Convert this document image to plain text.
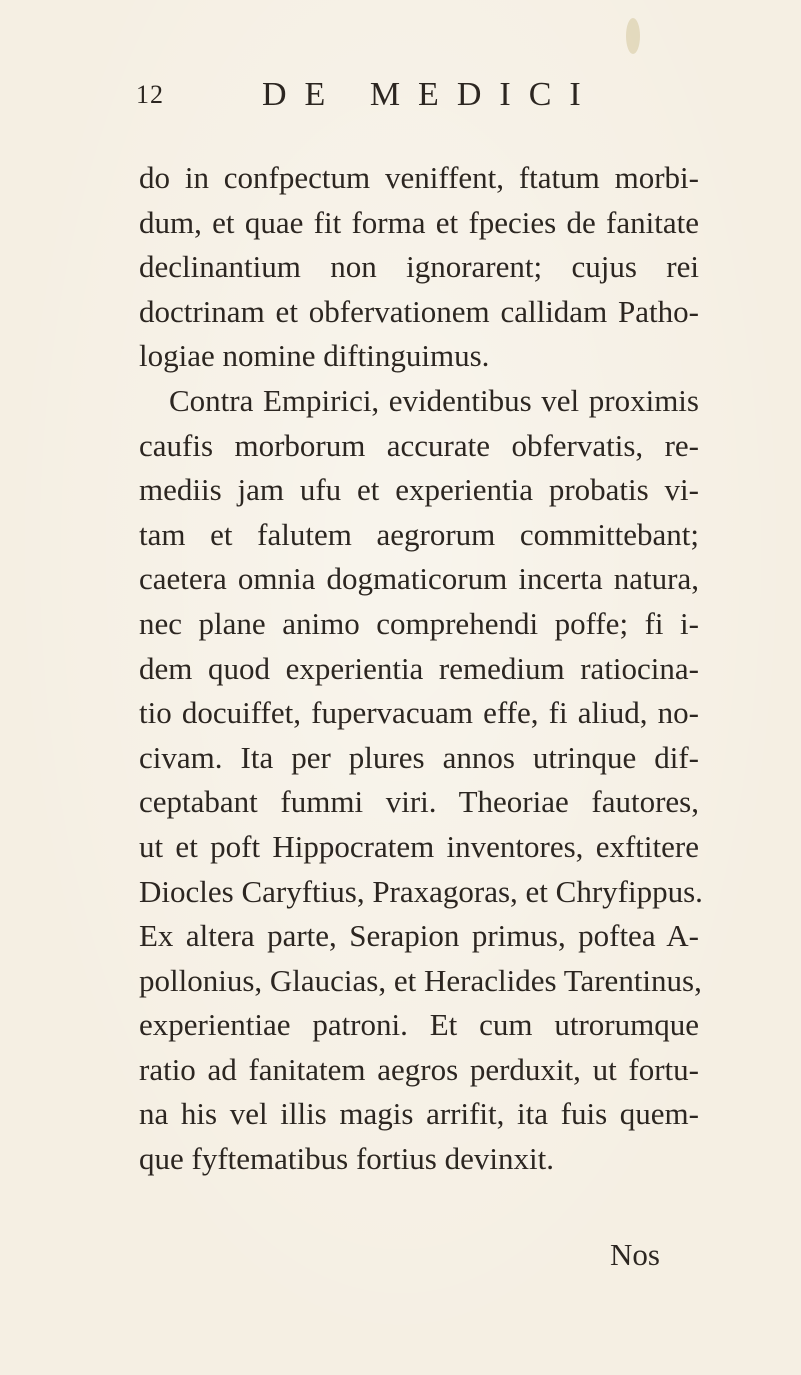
12	DE MEDICI
do in confpectum veniffent, ftatum morbi-
dum, et quae fit forma et fpecies de fanitate
declinantium non ignorarent; cujus rei
doctrinam et obfervationem callidam Patho-
logiae nomine diftinguimus.
Contra Empirici, evidentibus vel proximis
caufis morborum accurate obfervatis, re-
mediis jam ufu et experientia probatis vi-
tam et falutem aegrorum committebant;
caetera omnia dogmaticorum incerta natura,
nec plane animo comprehendi poffe; fi i-
dem quod experientia remedium ratiocina-
tio docuiffet, fupervacuam effe, fi aliud, no-
civam. Ita per plures annos utrinque dif-
ceptabant fummi viri. Theoriae fautores,
ut et poft Hippocratem inventores, exftitere
Diocles Caryftius, Praxagoras, et Chryfippus.
Ex altera parte, Serapion primus, poftea A-
pollonius, Glaucias, et Heraclides Tarentinus,
experientiae patroni. Et cum utrorumque
ratio ad fanitatem aegros perduxit, ut fortu-
na his vel illis magis arrifit, ita fuis quem-
que fyftematibus fortius devinxit.
Nos
